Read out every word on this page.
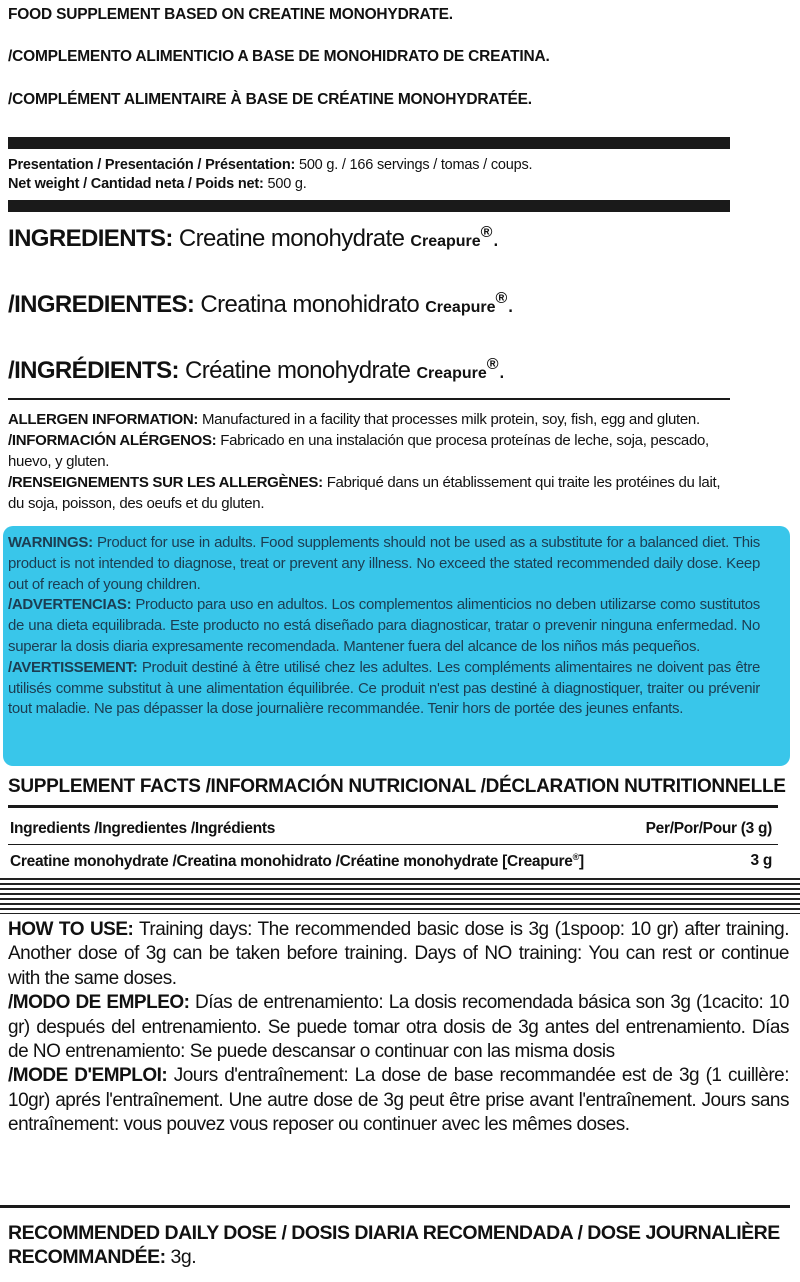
FOOD SUPPLEMENT BASED ON CREATINE MONOHYDRATE.
/COMPLEMENTO ALIMENTICIO A BASE DE MONOHIDRATO DE CREATINA.
/COMPLÉMENT ALIMENTAIRE À BASE DE CRÉATINE MONOHYDRATÉE.
Presentation / Presentación / Présentation: 500 g. / 166 servings / tomas / coups.
Net weight / Cantidad neta / Poids net: 500 g.
INGREDIENTS: Creatine monohydrate Creapure®.
/INGREDIENTES: Creatina monohidrato Creapure®.
/INGRÉDIENTS: Créatine monohydrate Creapure®.
ALLERGEN INFORMATION: Manufactured in a facility that processes milk protein, soy, fish, egg and gluten. /INFORMACIÓN ALÉRGENOS: Fabricado en una instalación que procesa proteínas de leche, soja, pescado, huevo, y gluten.
/RENSEIGNEMENTS SUR LES ALLERGÈNES: Fabriqué dans un établissement qui traite les protéines du lait, du soja, poisson, des oeufs et du gluten.

WARNINGS: Product for use in adults. Food supplements should not be used as a substitute for a balanced diet. This product is not intended to diagnose, treat or prevent any illness. No exceed the stated recommended daily dose. Keep out of reach of young children.

/ADVERTENCIAS: Producto para uso en adultos. Los complementos alimenticios no deben utilizarse como sustitutos de una dieta equilibrada. Este producto no está diseñado para diagnosticar, tratar o prevenir ninguna enfermedad. No superar la dosis diaria expresamente recomendada. Mantener fuera del alcance de los niños más pequeños.

/AVERTISSEMENT: Produit destiné à être utilisé chez les adultes. Les compléments alimentaires ne doivent pas être utilisés comme substitut à une alimentation équilibrée. Ce produit n'est pas destiné à diagnostiquer, traiter ou prévenir tout maladie. Ne pas dépasser la dose journalière recommandée. Tenir hors de portée des jeunes enfants.

SUPPLEMENT FACTS /INFORMACIÓN NUTRICIONAL /DÉCLARATION NUTRITIONNELLE
Ingredients /Ingredientes /Ingrédients	Per/Por/Pour (3 g)
Creatine monohydrate /Creatina monohidrato /Créatine monohydrate [Creapure®]	3 g

HOW TO USE: Training days: The recommended basic dose is 3g (1spoop: 10 gr) after training. Another dose of 3g can be taken before training. Days of NO training: You can rest or continue with the same doses.

/MODO DE EMPLEO: Días de entrenamiento: La dosis recomendada básica son 3g (1cacito: 10 gr) después del entrenamiento. Se puede tomar otra dosis de 3g antes del entrenamiento. Días de NO entrenamiento: Se puede descansar o continuar con las misma dosis

/MODE D'EMPLOI: Jours d'entraînement: La dose de base recommandée est de 3g (1 cuillère: 10gr) aprés l'entraînement. Une autre dose de 3g peut être prise avant l'entraînement. Jours sans entraînement: vous pouvez vous reposer ou continuer avec les mêmes doses.

RECOMMENDED DAILY DOSE / DOSIS DIARIA RECOMENDADA / DOSE JOURNALIÈRE RECOMMANDÉE: 3g.
